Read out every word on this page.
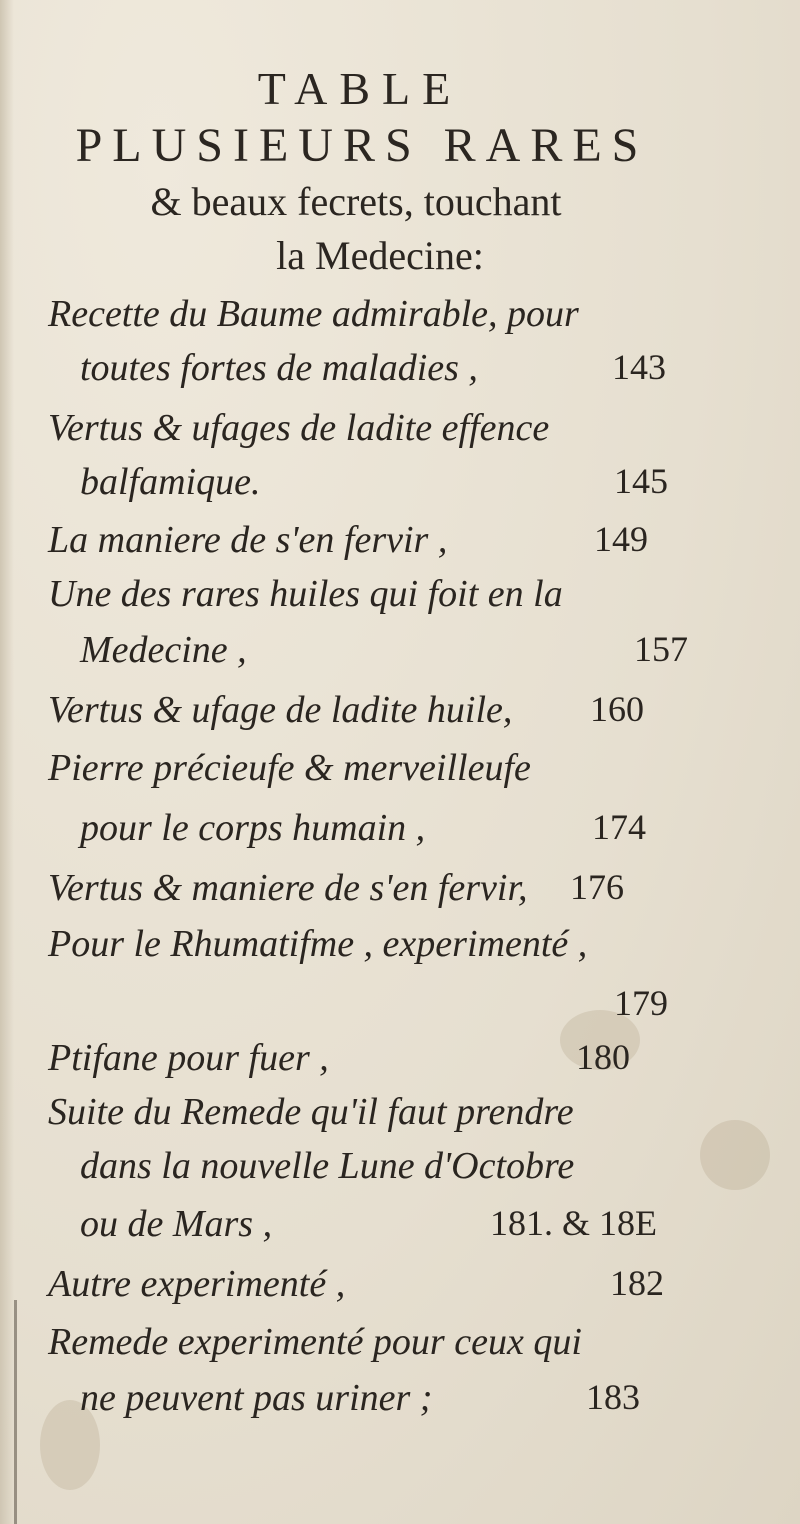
TABLE
PLUSIEURS RARES
& beaux fecrets, touchant
la Medecine:
Recette du Baume admirable, pour
toutes fortes de maladies ,	143
Vertus & ufages de ladite effence
balfamique.	145
La maniere de s'en fervir ,	149
Une des rares huiles qui foit en la
Medecine ,	157
Vertus & ufage de ladite huile, 160
Pierre précieufe & merveilleufe
pour le corps humain ,	174
Vertus & maniere de s'en fervir, 176
Pour le Rhumatifme , experimenté ,
179
Ptifane pour fuer ,	180
Suite du Remede qu'il faut prendre
dans la nouvelle Lune d'Octobre
ou de Mars ,	181. & 18E
Autre experimenté ,	182
Remede experimenté pour ceux qui
ne peuvent pas uriner ;	183
